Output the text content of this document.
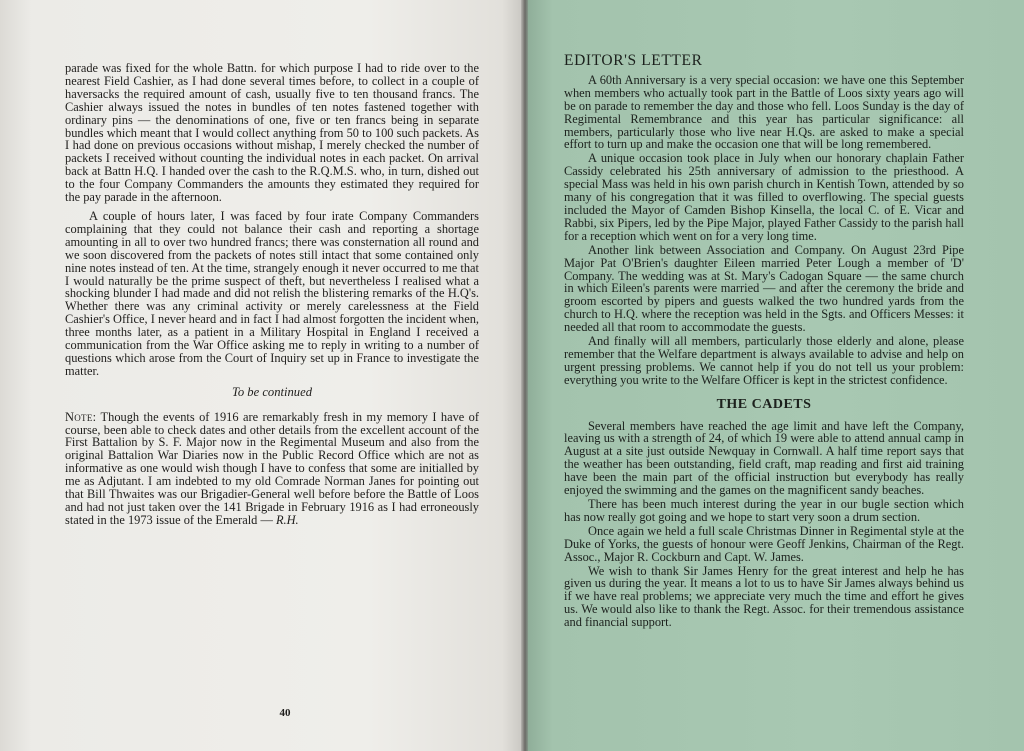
parade was fixed for the whole Battn. for which purpose I had to ride over to the nearest Field Cashier, as I had done several times before, to collect in a couple of haversacks the required amount of cash, usually five to ten thousand francs. The Cashier always issued the notes in bundles of ten notes fastened together with ordinary pins — the denominations of one, five or ten francs being in separate bundles which meant that I would collect anything from 50 to 100 such packets. As I had done on previous occasions without mishap, I merely checked the number of packets I received without counting the individual notes in each packet. On arrival back at Battn H.Q. I handed over the cash to the R.Q.M.S. who, in turn, dished out to the four Company Commanders the amounts they estimated they required for the pay parade in the afternoon.

A couple of hours later, I was faced by four irate Company Commanders complaining that they could not balance their cash and reporting a shortage amounting in all to over two hundred francs; there was consternation all round and we soon discovered from the packets of notes still intact that some contained only nine notes instead of ten. At the time, strangely enough it never occurred to me that I would naturally be the prime suspect of theft, but nevertheless I realised what a shocking blunder I had made and did not relish the blistering remarks of the H.Q's. Whether there was any criminal activity or merely carelessness at the Field Cashier's Office, I never heard and in fact I had almost forgotten the incident when, three months later, as a patient in a Military Hospital in England I received a communication from the War Office asking me to reply in writing to a number of questions which arose from the Court of Inquiry set up in France to investigate the matter.

To be continued

Note: Though the events of 1916 are remarkably fresh in my memory I have of course, been able to check dates and other details from the excellent account of the First Battalion by S. F. Major now in the Regimental Museum and also from the original Battalion War Diaries now in the Public Record Office which are not as informative as one would wish though I have to confess that some are initialled by me as Adjutant. I am indebted to my old Comrade Norman Janes for pointing out that Bill Thwaites was our Brigadier-General well before before the Battle of Loos and had not just taken over the 141 Brigade in February 1916 as I had erroneously stated in the 1973 issue of the Emerald — R.H.

40
EDITOR'S LETTER

A 60th Anniversary is a very special occasion: we have one this September when members who actually took part in the Battle of Loos sixty years ago will be on parade to remember the day and those who fell. Loos Sunday is the day of Regimental Remembrance and this year has particular significance: all members, particularly those who live near H.Qs. are asked to make a special effort to turn up and make the occasion one that will be long remembered.

A unique occasion took place in July when our honorary chaplain Father Cassidy celebrated his 25th anniversary of admission to the priesthood. A special Mass was held in his own parish church in Kentish Town, attended by so many of his congregation that it was filled to overflowing. The special guests included the Mayor of Camden Bishop Kinsella, the local C. of E. Vicar and Rabbi, six Pipers, led by the Pipe Major, played Father Cassidy to the parish hall for a reception which went on for a very long time.

Another link between Association and Company. On August 23rd Pipe Major Pat O'Brien's daughter Eileen married Peter Lough a member of 'D' Company. The wedding was at St. Mary's Cadogan Square — the same church in which Eileen's parents were married — and after the ceremony the bride and groom escorted by pipers and guests walked the two hundred yards from the church to H.Q. where the reception was held in the Sgts. and Officers Messes: it needed all that room to accommodate the guests.

And finally will all members, particularly those elderly and alone, please remember that the Welfare department is always available to advise and help on urgent pressing problems. We cannot help if you do not tell us your problem: everything you write to the Welfare Officer is kept in the strictest confidence.

THE CADETS

Several members have reached the age limit and have left the Company, leaving us with a strength of 24, of which 19 were able to attend annual camp in August at a site just outside Newquay in Cornwall. A half time report says that the weather has been outstanding, field craft, map reading and first aid training have been the main part of the official instruction but everybody has really enjoyed the swimming and the games on the magnificent sandy beaches.

There has been much interest during the year in our bugle section which has now really got going and we hope to start very soon a drum section.

Once again we held a full scale Christmas Dinner in Regimental style at the Duke of Yorks, the guests of honour were Geoff Jenkins, Chairman of the Regt. Assoc., Major R. Cockburn and Capt. W. James.

We wish to thank Sir James Henry for the great interest and help he has given us during the year. It means a lot to us to have Sir James always behind us if we have real problems; we appreciate very much the time and effort he gives us. We would also like to thank the Regt. Assoc. for their tremendous assistance and financial support.
